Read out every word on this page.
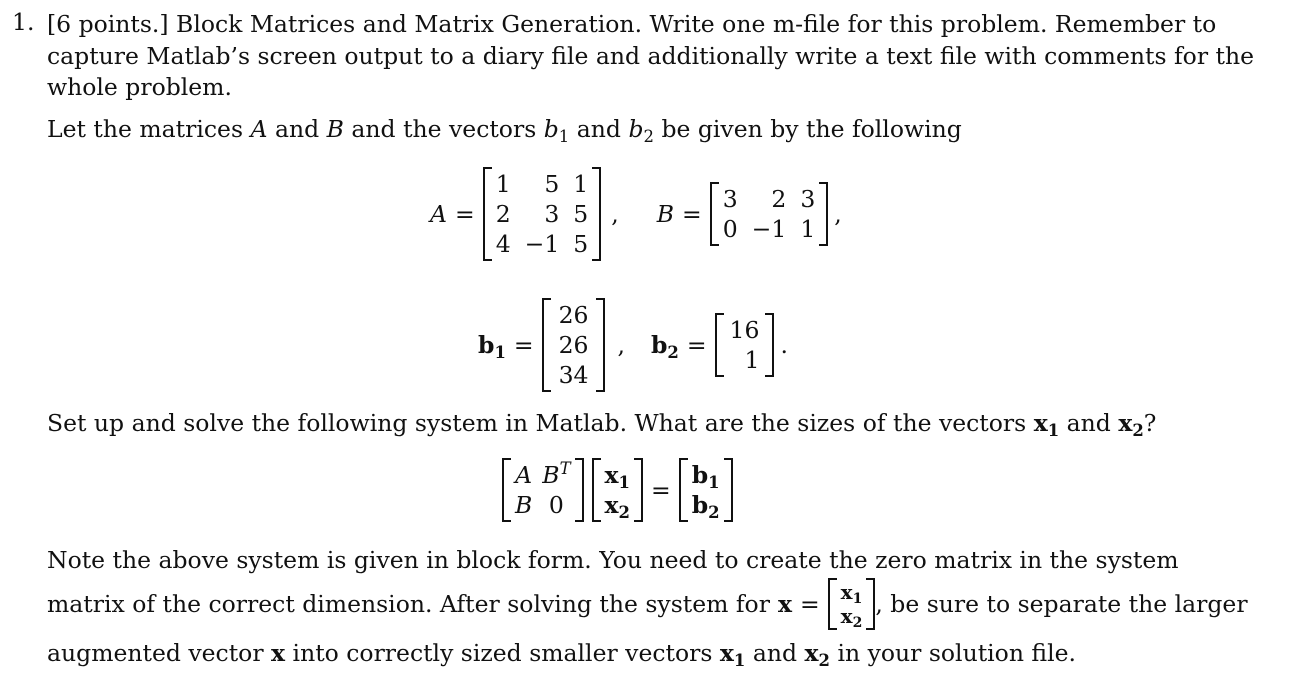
1. [6 points.] Block Matrices and Matrix Generation. Write one m-file for this problem. Remember to
capture Matlab’s screen output to a diary file and additionally write a text file with comments for the
whole problem.
Let the matrices A and B and the vectors $b_1$ and $b_2$ be given by the following
A =
1	5 1
2	3 5
4 −1 5
, B =
3	2 3
0 −1 1
,
$b_1$ =
26
26
34
, $b_2$ =
16
1
.
Set up and solve the following system in Matlab. What are the sizes of the vectors $x_1$ and $x_2$?
A $B^T$
B 0
$x_1$
$x_2$
=
$b_1$
$b_2$
Note the above system is given in block form. You need to create the zero matrix in the system
matrix of the correct dimension. After solving the system for $x = x_1$
$x_2$
, be sure to separate the larger
augmented vector x into correctly sized smaller vectors $x_1$ and $x_2$ in your solution file.
